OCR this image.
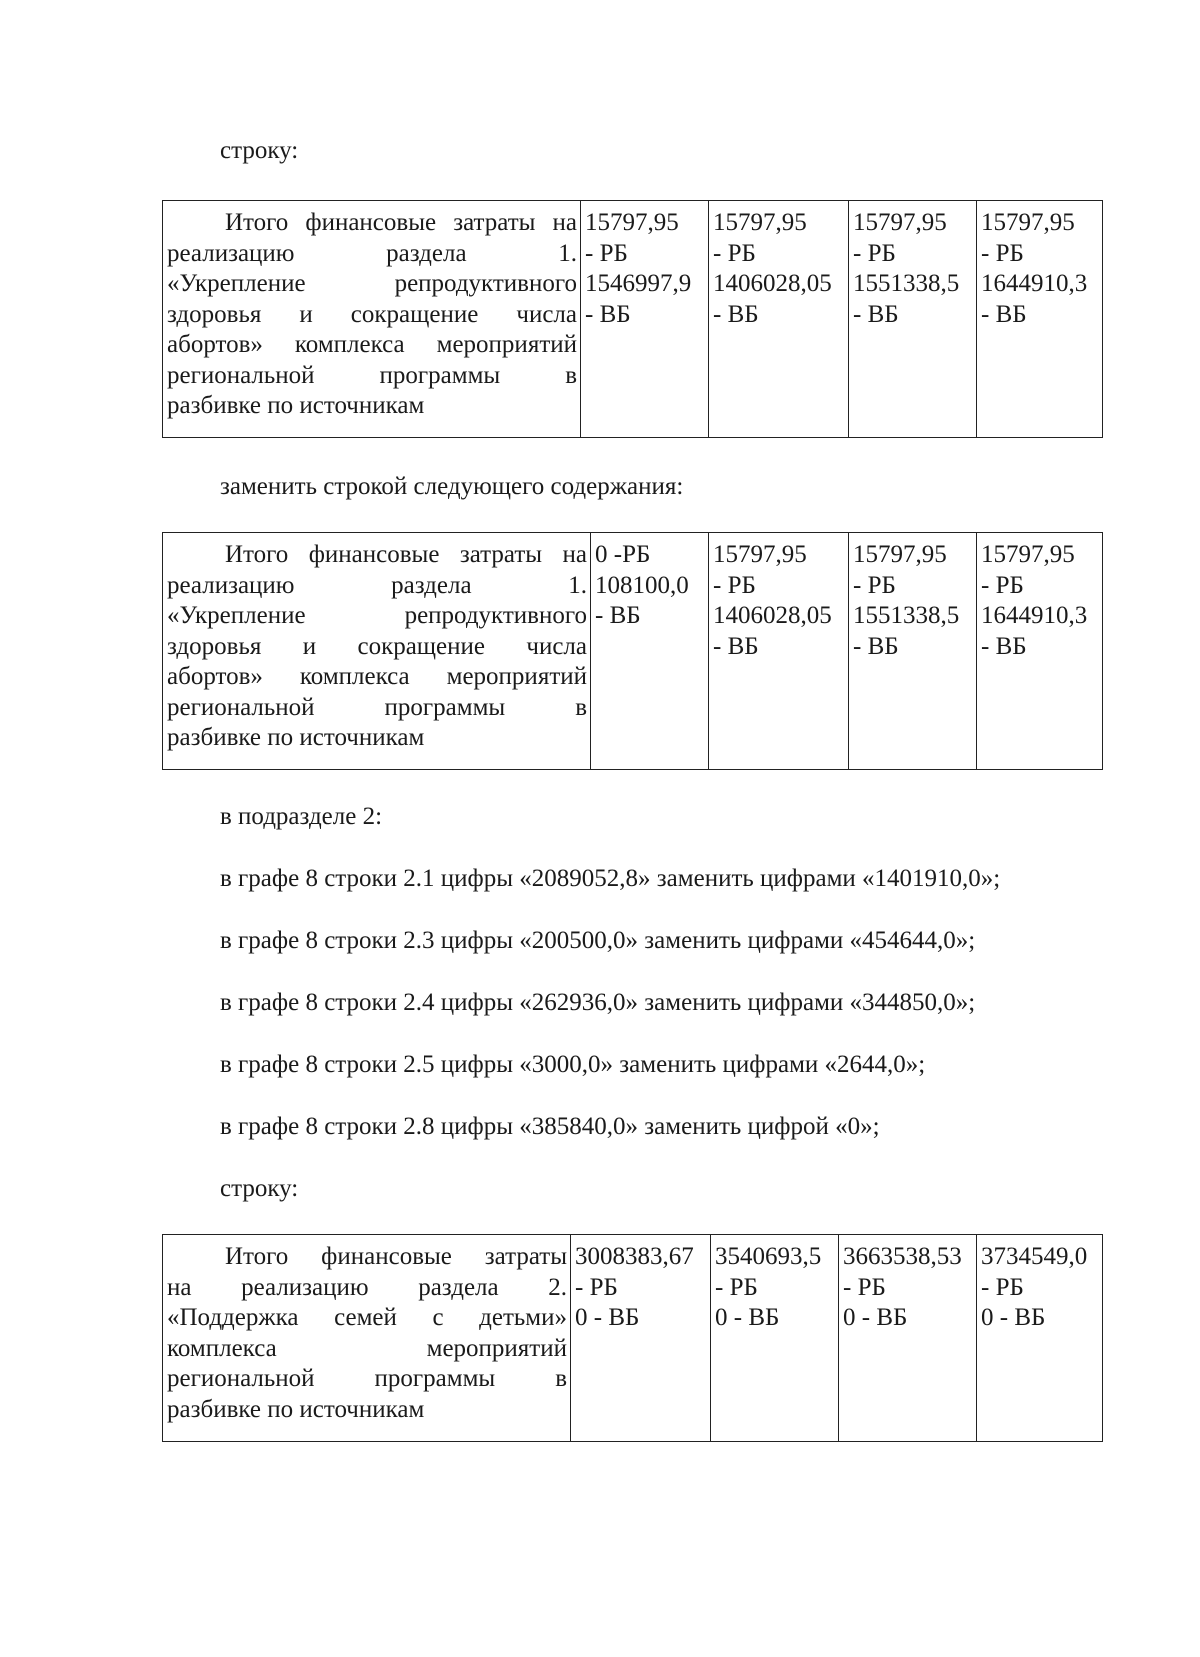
строку:
Итого финансовые затраты на
реализацию раздела 1.
«Укрепление репродуктивного
здоровья и сокращение числа
абортов» комплекса мероприятий
региональной программы в
разбивке по источникам

15797,95
- РБ
1546997,9
- ВБ

15797,95
- РБ
1406028,05
- ВБ

15797,95
- РБ
1551338,5
- ВБ

15797,95
- РБ
1644910,3
- ВБ
заменить строкой следующего содержания:
Итого финансовые затраты на
реализацию раздела 1.
«Укрепление репродуктивного
здоровья и сокращение числа
абортов» комплекса мероприятий
региональной программы в
разбивке по источникам

0 -РБ
108100,0
- ВБ

15797,95
- РБ
1406028,05
- ВБ

15797,95
- РБ
1551338,5
- ВБ

15797,95
- РБ
1644910,3
- ВБ
в подразделе 2:
в графе 8 строки 2.1 цифры «2089052,8» заменить цифрами «1401910,0»;
в графе 8 строки 2.3 цифры «200500,0» заменить цифрами «454644,0»;
в графе 8 строки 2.4 цифры «262936,0» заменить цифрами «344850,0»;
в графе 8 строки 2.5 цифры «3000,0» заменить цифрами «2644,0»;
в графе 8 строки 2.8 цифры «385840,0» заменить цифрой «0»;
строку:
Итого финансовые затраты
на реализацию раздела 2.
«Поддержка семей с детьми»
комплекса мероприятий
региональной программы в
разбивке по источникам

3008383,67
- РБ
0 - ВБ

3540693,5
- РБ
0 - ВБ

3663538,53
- РБ
0 - ВБ

3734549,0
- РБ
0 - ВБ
